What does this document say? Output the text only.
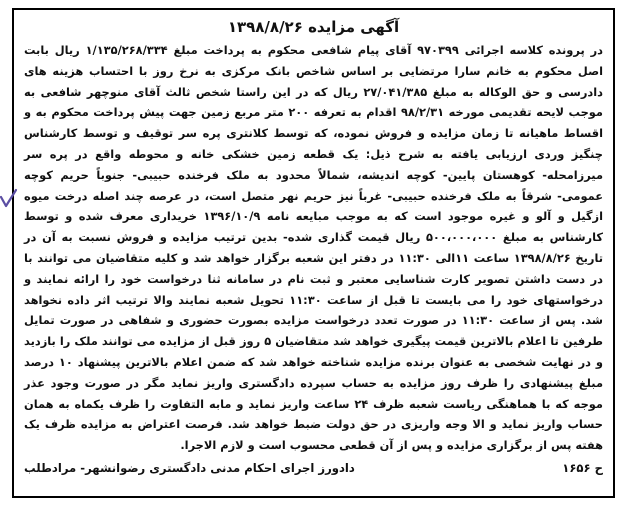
آگهی مزایده ۱۳۹۸/۸/۲۶

در پرونده کلاسه اجرائی ۹۷۰۳۹۹ آقای پیام شافعی محکوم به پرداخت مبلغ ۱/۱۳۵/۲۶۸/۳۳۴ ریال بابت اصل محکوم به خانم سارا مرتضایی بر اساس شاخص بانک مرکزی به نرخ روز با احتساب هزینه های دادرسی و حق الوکاله به مبلغ ۲۷/۰۴۱/۳۸۵ ریال که در این راستا شخص ثالث آقای منوچهر شافعی به موجب لایحه تقدیمی مورخه ۹۸/۲/۳۱ اقدام به تعرفه ۲۰۰ متر مربع زمین جهت پیش پرداخت محکوم به و اقساط ماهیانه تا زمان مزایده و فروش نموده، که توسط کلانتری پره سر توقیف و توسط کارشناس چنگیز وردی ارزیابی یافته به شرح ذیل: یک قطعه زمین خشکی خانه و محوطه واقع در پره سر میرزامحله- کوهستان پایین- کوچه اندیشه، شمالاً محدود به ملک فرخنده حبیبی- جنوباً حریم کوچه عمومی- شرقاً به ملک فرخنده حبیبی- غرباً نیز حریم نهر متصل است، در عرصه چند اصله درخت میوه ازگیل و آلو و غیره موجود است که به موجب مبایعه نامه ۱۳۹۶/۱۰/۹ خریداری معرف شده و توسط کارشناس به مبلغ ۵۰۰،۰۰۰،۰۰۰ ریال قیمت گذاری شده- بدین ترتیب مزایده و فروش نسبت به آن در تاریخ ۱۳۹۸/۸/۲۶ ساعت ۱۱الی ۱۱:۳۰ در دفتر این شعبه برگزار خواهد شد و کلیه متقاضیان می توانند با در دست داشتن تصویر کارت شناسایی معتبر و ثبت نام در سامانه ثنا درخواست خود را ارائه نمایند و درخواستهای خود را می بایست تا قبل از ساعت ۱۱:۳۰ تحویل شعبه نمایند والا ترتیب اثر داده نخواهد شد. پس از ساعت ۱۱:۳۰ در صورت تعدد درخواست مزایده بصورت حضوری و شفاهی در صورت تمایل طرفین تا اعلام بالاترین قیمت پیگیری خواهد شد متقاضیان ۵ روز قبل از مزایده می توانند ملک را بازدید و در نهایت شخصی به عنوان برنده مزایده شناخته خواهد شد که ضمن اعلام بالاترین پیشنهاد ۱۰ درصد مبلغ پیشنهادی را ظرف روز مزایده به حساب سپرده دادگستری واریز نماید مگر در صورت وجود عذر موجه که با هماهنگی ریاست شعبه ظرف ۲۴ ساعت واریز نماید و مابه التفاوت را ظرف یکماه به همان حساب واریز نماید و الا وجه واریزی در حق دولت ضبط خواهد شد. فرصت اعتراض به مزایده ظرف یک هفته پس از برگزاری مزایده و پس از آن قطعی محسوب است و لازم الاجرا.

ح ۱۶۵۶
دادورز اجرای احکام مدنی دادگستری رضوانشهر- مرادطلب
